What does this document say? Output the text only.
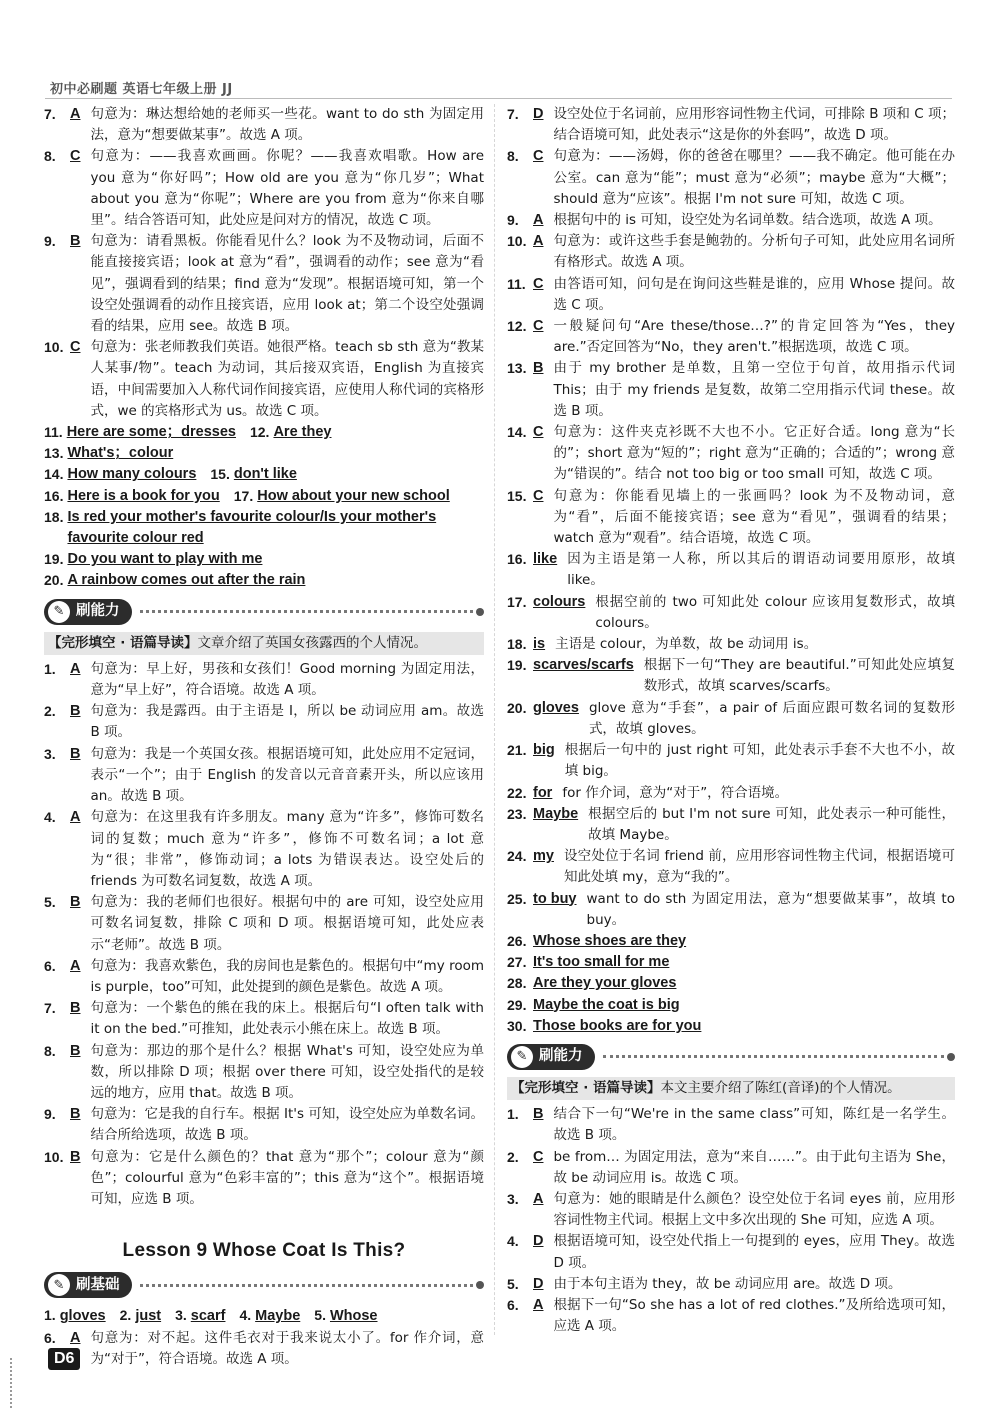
初中必刷题 英语七年级上册 JJ
7. A 句意为：琳达想给她的老师买一些花。want to do sth 为固定用法，意为“想要做某事”。故选 A 项。
8. C 句意为：——我喜欢画画。你呢？——我喜欢唱歌。How are you 意为“你好吗”；How old are you 意为“你几岁”；What about you 意为“你呢”；Where are you from 意为“你来自哪里”。结合答语可知，此处应是问对方的情况，故选 C 项。
9. B 句意为：请看黑板。你能看见什么？look 为不及物动词，后面不能直接接宾语；look at 意为“看”，强调看的动作；see 意为“看见”，强调看到的结果；find 意为“发现”。根据语境可知，第一个设空处强调看的动作且接宾语，应用 look at；第二个设空处强调看的结果，应用 see。故选 B 项。
10. C 句意为：张老师教我们英语。她很严格。teach sb sth 意为“教某人某事/物”。teach 为动词，其后接双宾语，English 为直接宾语，中间需要加入人称代词作间接宾语，应使用人称代词的宾格形式，we 的宾格形式为 us。故选 C 项。
11. Here are some；dresses 12. Are they
13. What's；colour
14. How many colours 15. don't like
16. Here is a book for you 17. How about your new school
18. Is red your mother's favourite colour/Is your mother's favourite colour red
19. Do you want to play with me
20. A rainbow comes out after the rain
✎ 刷能力
【完形填空 · 语篇导读】文章介绍了英国女孩露西的个人情况。
1. A 句意为：早上好，男孩和女孩们！Good morning 为固定用法，意为“早上好”，符合语境。故选 A 项。
2. B 句意为：我是露西。由于主语是 I，所以 be 动词应用 am。故选 B 项。
3. B 句意为：我是一个英国女孩。根据语境可知，此处应用不定冠词，表示“一个”；由于 English 的发音以元音音素开头，所以应该用 an。故选 B 项。
4. A 句意为：在这里我有许多朋友。many 意为“许多”，修饰可数名词的复数；much 意为“许多”，修饰不可数名词；a lot 意为“很；非常”，修饰动词；a lots 为错误表达。设空处后的 friends 为可数名词复数，故选 A 项。
5. B 句意为：我的老师们也很好。根据句中的 are 可知，设空处应用可数名词复数，排除 C 项和 D 项。根据语境可知，此处应表示“老师”。故选 B 项。
6. A 句意为：我喜欢紫色，我的房间也是紫色的。根据句中“my room is purple，too”可知，此处提到的颜色是紫色。故选 A 项。
7. B 句意为：一个紫色的熊在我的床上。根据后句“I often talk with it on the bed.”可推知，此处表示小熊在床上。故选 B 项。
8. B 句意为：那边的那个是什么？根据 What's 可知，设空处应为单数，所以排除 D 项；根据 over there 可知，设空处指代的是较远的地方，应用 that。故选 B 项。
9. B 句意为：它是我的自行车。根据 It's 可知，设空处应为单数名词。结合所给选项，故选 B 项。
10. B 句意为：它是什么颜色的？that 意为“那个”；colour 意为“颜色”；colourful 意为“色彩丰富的”；this 意为“这个”。根据语境可知，应选 B 项。
Lesson 9 Whose Coat Is This?
✎ 刷基础
1. gloves 2. just 3. scarf 4. Maybe 5. Whose
6. A 句意为：对不起。这件毛衣对于我来说太小了。for 作介词，意为“对于”，符合语境。故选 A 项。
7. D 设空处位于名词前，应用形容词性物主代词，可排除 B 项和 C 项；结合语境可知，此处表示“这是你的外套吗”，故选 D 项。
8. C 句意为：——汤姆，你的爸爸在哪里？——我不确定。他可能在办公室。can 意为“能”；must 意为“必须”；maybe 意为“大概”；should 意为“应该”。根据 I'm not sure 可知，故选 C 项。
9. A 根据句中的 is 可知，设空处为名词单数。结合选项，故选 A 项。
10. A 句意为：或许这些手套是鲍勃的。分析句子可知，此处应用名词所有格形式。故选 A 项。
11. C 由答语可知，问句是在询问这些鞋是谁的，应用 Whose 提问。故选 C 项。
12. C 一般疑问句“Are these/those…?”的肯定回答为“Yes，they are.”否定回答为“No，they aren't.”根据选项，故选 C 项。
13. B 由于 my brother 是单数，且第一空位于句首，故用指示代词 This；由于 my friends 是复数，故第二空用指示代词 these。故选 B 项。
14. C 句意为：这件夹克衫既不大也不小。它正好合适。long 意为“长的”；short 意为“短的”；right 意为“正确的；合适的”；wrong 意为“错误的”。结合 not too big or too small 可知，故选 C 项。
15. C 句意为：你能看见墙上的一张画吗？look 为不及物动词，意为“看”，后面不能接宾语；see 意为“看见”，强调看的结果；watch 意为“观看”。结合语境，故选 C 项。
16. like 因为主语是第一人称，所以其后的谓语动词要用原形，故填 like。
17. colours 根据空前的 two 可知此处 colour 应该用复数形式，故填 colours。
18. is 主语是 colour，为单数，故 be 动词用 is。
19. scarves/scarfs 根据下一句“They are beautiful.”可知此处应填复数形式，故填 scarves/scarfs。
20. gloves glove 意为“手套”，a pair of 后面应跟可数名词的复数形式，故填 gloves。
21. big 根据后一句中的 just right 可知，此处表示手套不大也不小，故填 big。
22. for for 作介词，意为“对于”，符合语境。
23. Maybe 根据空后的 but I'm not sure 可知，此处表示一种可能性，故填 Maybe。
24. my 设空处位于名词 friend 前，应用形容词性物主代词，根据语境可知此处填 my，意为“我的”。
25. to buy want to do sth 为固定用法，意为“想要做某事”，故填 to buy。
26. Whose shoes are they
27. It's too small for me
28. Are they your gloves
29. Maybe the coat is big
30. Those books are for you
✎ 刷能力
【完形填空 · 语篇导读】本文主要介绍了陈红(音译)的个人情况。
1. B 结合下一句“We're in the same class”可知，陈红是一名学生。故选 B 项。
2. C be from… 为固定用法，意为“来自……”。由于此句主语为 She，故 be 动词应用 is。故选 C 项。
3. A 句意为：她的眼睛是什么颜色？设空处位于名词 eyes 前，应用形容词性物主代词。根据上文中多次出现的 She 可知，应选 A 项。
4. D 根据语境可知，设空处代指上一句提到的 eyes，应用 They。故选 D 项。
5. D 由于本句主语为 they，故 be 动词应用 are。故选 D 项。
6. A 根据下一句“So she has a lot of red clothes.”及所给选项可知，应选 A 项。
D6
